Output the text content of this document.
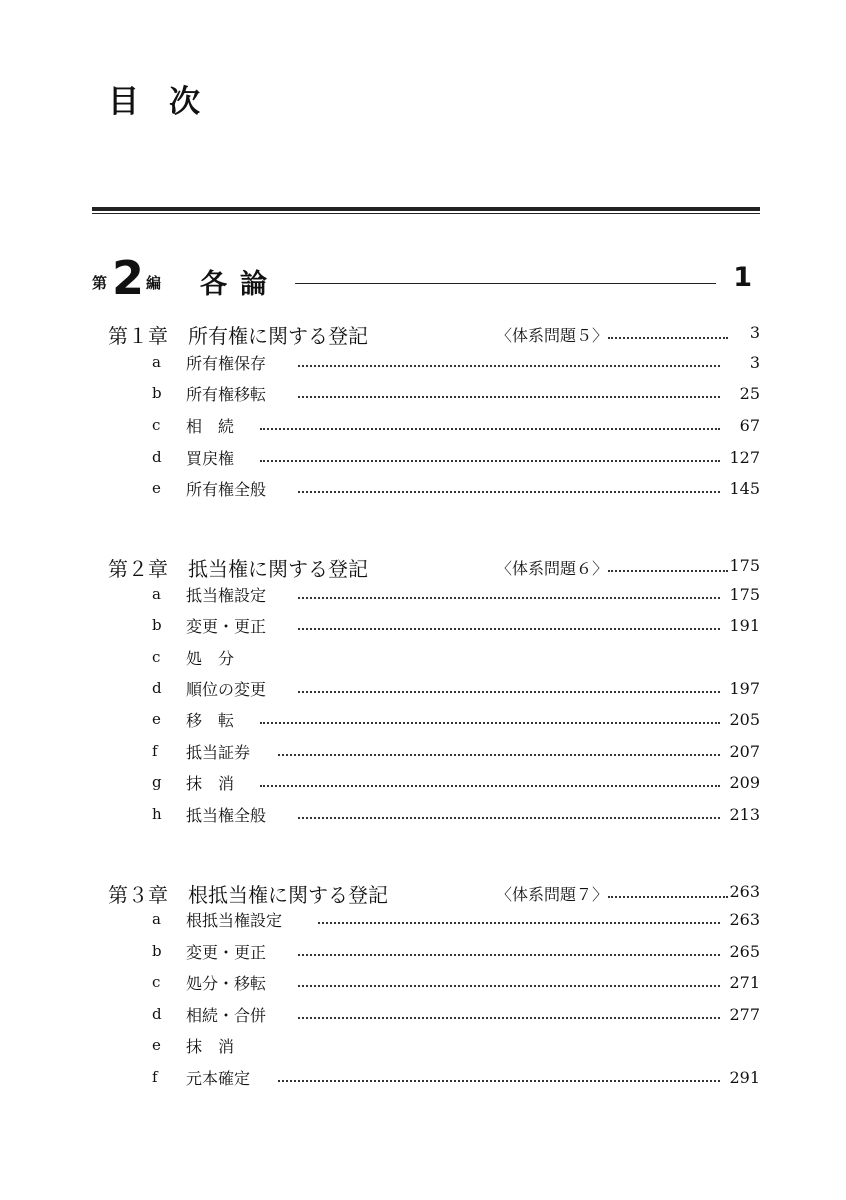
目 次
第 2 編 各論	1
第１章　所有権に関する登記	〈体系問題５〉	3
a 所有権保存	3
b 所有権移転	25
c 相　続	67
d 買戻権	127
e 所有権全般	145
第２章　抵当権に関する登記	〈体系問題６〉	175
a 抵当権設定	175
b 変更・更正	191
c 処　分
d 順位の変更	197
e 移　転	205
f 抵当証券	207
g 抹　消	209
h 抵当権全般	213
第３章　根抵当権に関する登記	〈体系問題７〉	263
a 根抵当権設定	263
b 変更・更正	265
c 処分・移転	271
d 相続・合併	277
e 抹　消
f 元本確定	291
